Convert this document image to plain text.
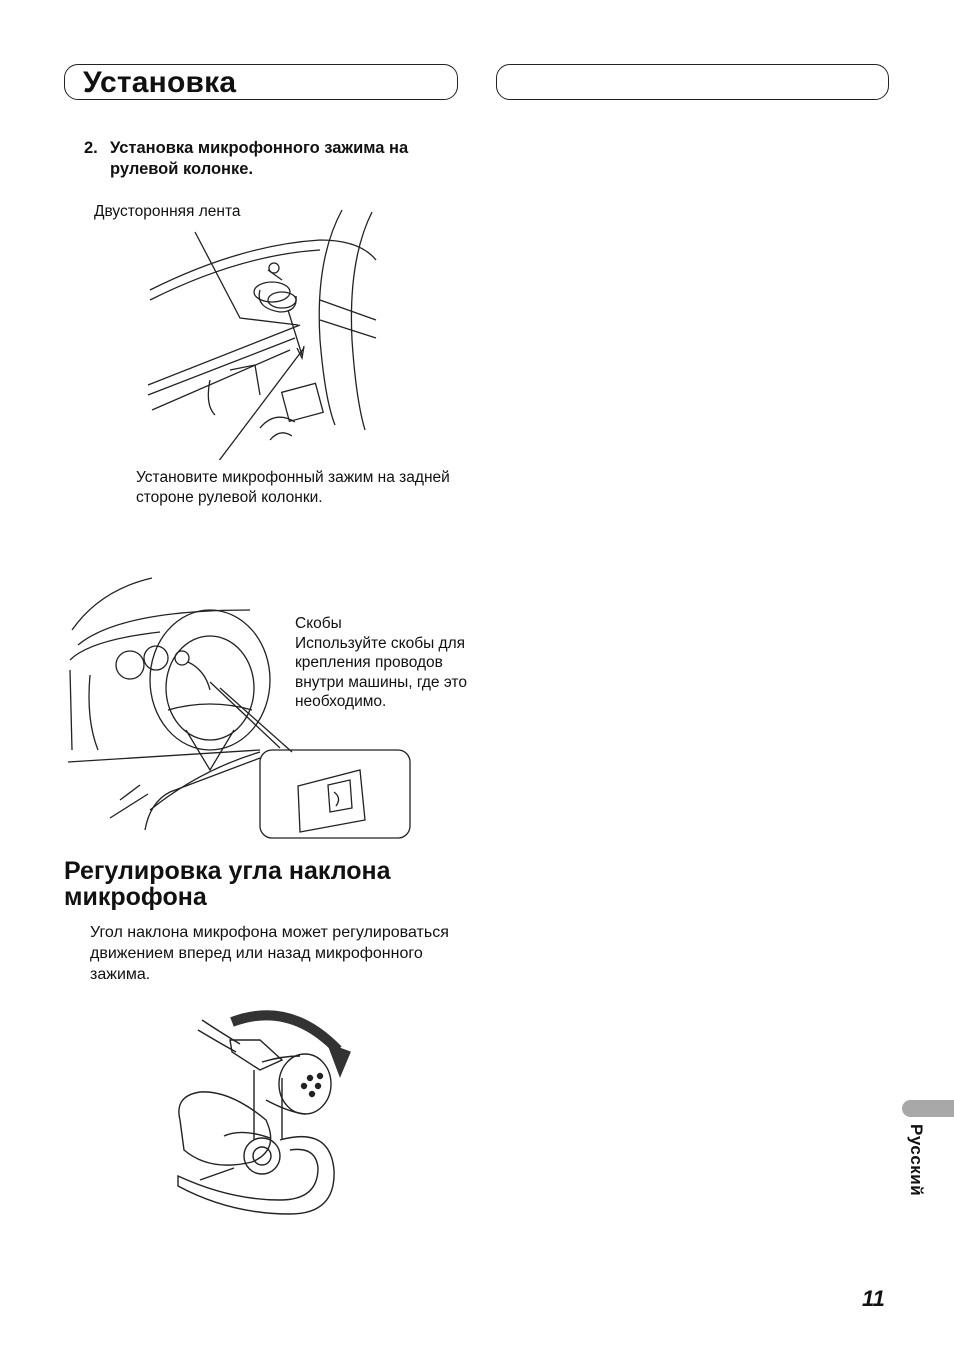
Установка
2. Установка микрофонного зажима на рулевой колонке.
Двусторонняя лента
Установите микрофонный зажим на задней стороне рулевой колонки.
Скобы
Используйте скобы для крепления проводов внутри машины, где это необходимо.
Регулировка угла наклона микрофона
Угол наклона микрофона может регулироваться движением вперед или назад микрофонного зажима.
Русский
11
